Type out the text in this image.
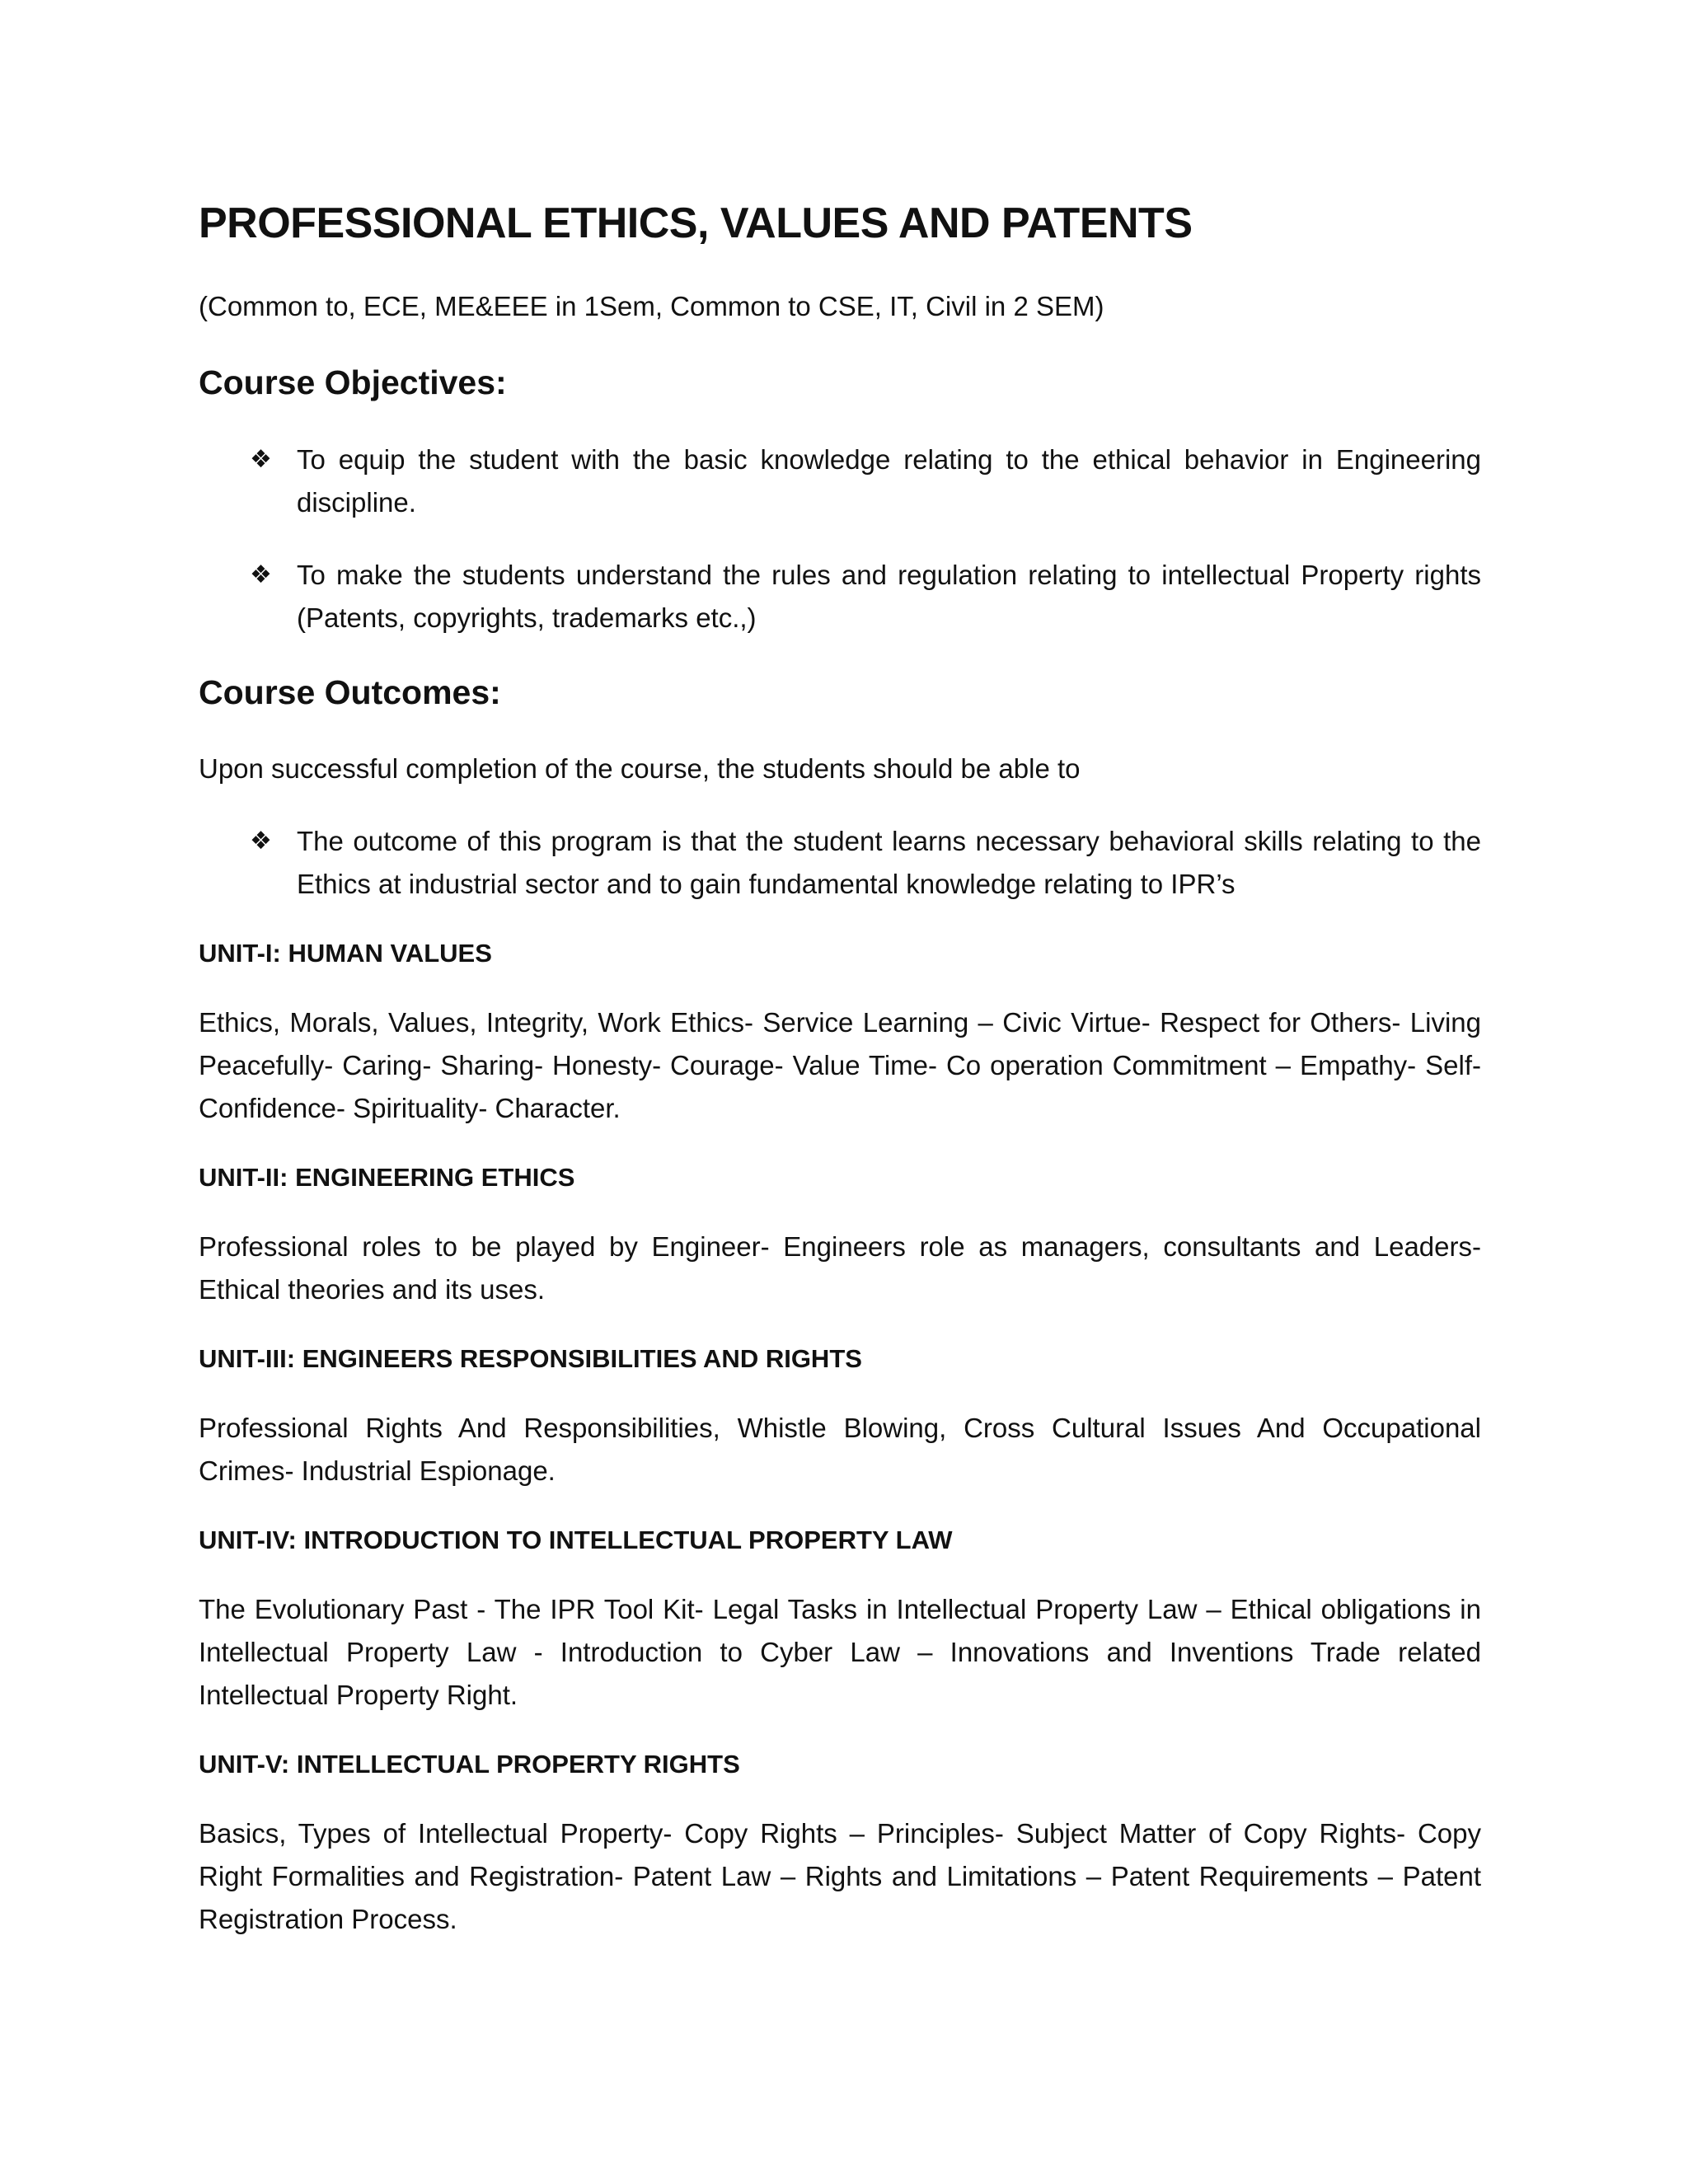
PROFESSIONAL ETHICS, VALUES AND PATENTS

(Common to, ECE, ME&EEE in 1Sem, Common to CSE, IT, Civil in 2 SEM)

Course Objectives:
❖ To equip the student with the basic knowledge relating to the ethical behavior in Engineering discipline.
❖ To make the students understand the rules and regulation relating to intellectual Property rights (Patents, copyrights, trademarks etc.,)
Course Outcomes:

Upon successful completion of the course, the students should be able to

❖ The outcome of this program is that the student learns necessary behavioral skills relating to the Ethics at industrial sector and to gain fundamental knowledge relating to IPR’s
UNIT-I: HUMAN VALUES

Ethics, Morals, Values, Integrity, Work Ethics- Service Learning – Civic Virtue- Respect for Others- Living Peacefully- Caring- Sharing- Honesty- Courage- Value Time- Co operation Commitment – Empathy- Self-Confidence- Spirituality- Character.

UNIT-II: ENGINEERING ETHICS

Professional roles to be played by Engineer- Engineers role as managers, consultants and Leaders- Ethical theories and its uses.

UNIT-III: ENGINEERS RESPONSIBILITIES AND RIGHTS

Professional Rights And Responsibilities, Whistle Blowing, Cross Cultural Issues And Occupational Crimes- Industrial Espionage.

UNIT-IV: INTRODUCTION TO INTELLECTUAL PROPERTY LAW

The Evolutionary Past - The IPR Tool Kit- Legal Tasks in Intellectual Property Law – Ethical obligations in Intellectual Property Law - Introduction to Cyber Law – Innovations and Inventions Trade related Intellectual Property Right.

UNIT-V: INTELLECTUAL PROPERTY RIGHTS

Basics, Types of Intellectual Property- Copy Rights – Principles- Subject Matter of Copy Rights- Copy Right Formalities and Registration- Patent Law – Rights and Limitations – Patent Requirements – Patent Registration Process.
